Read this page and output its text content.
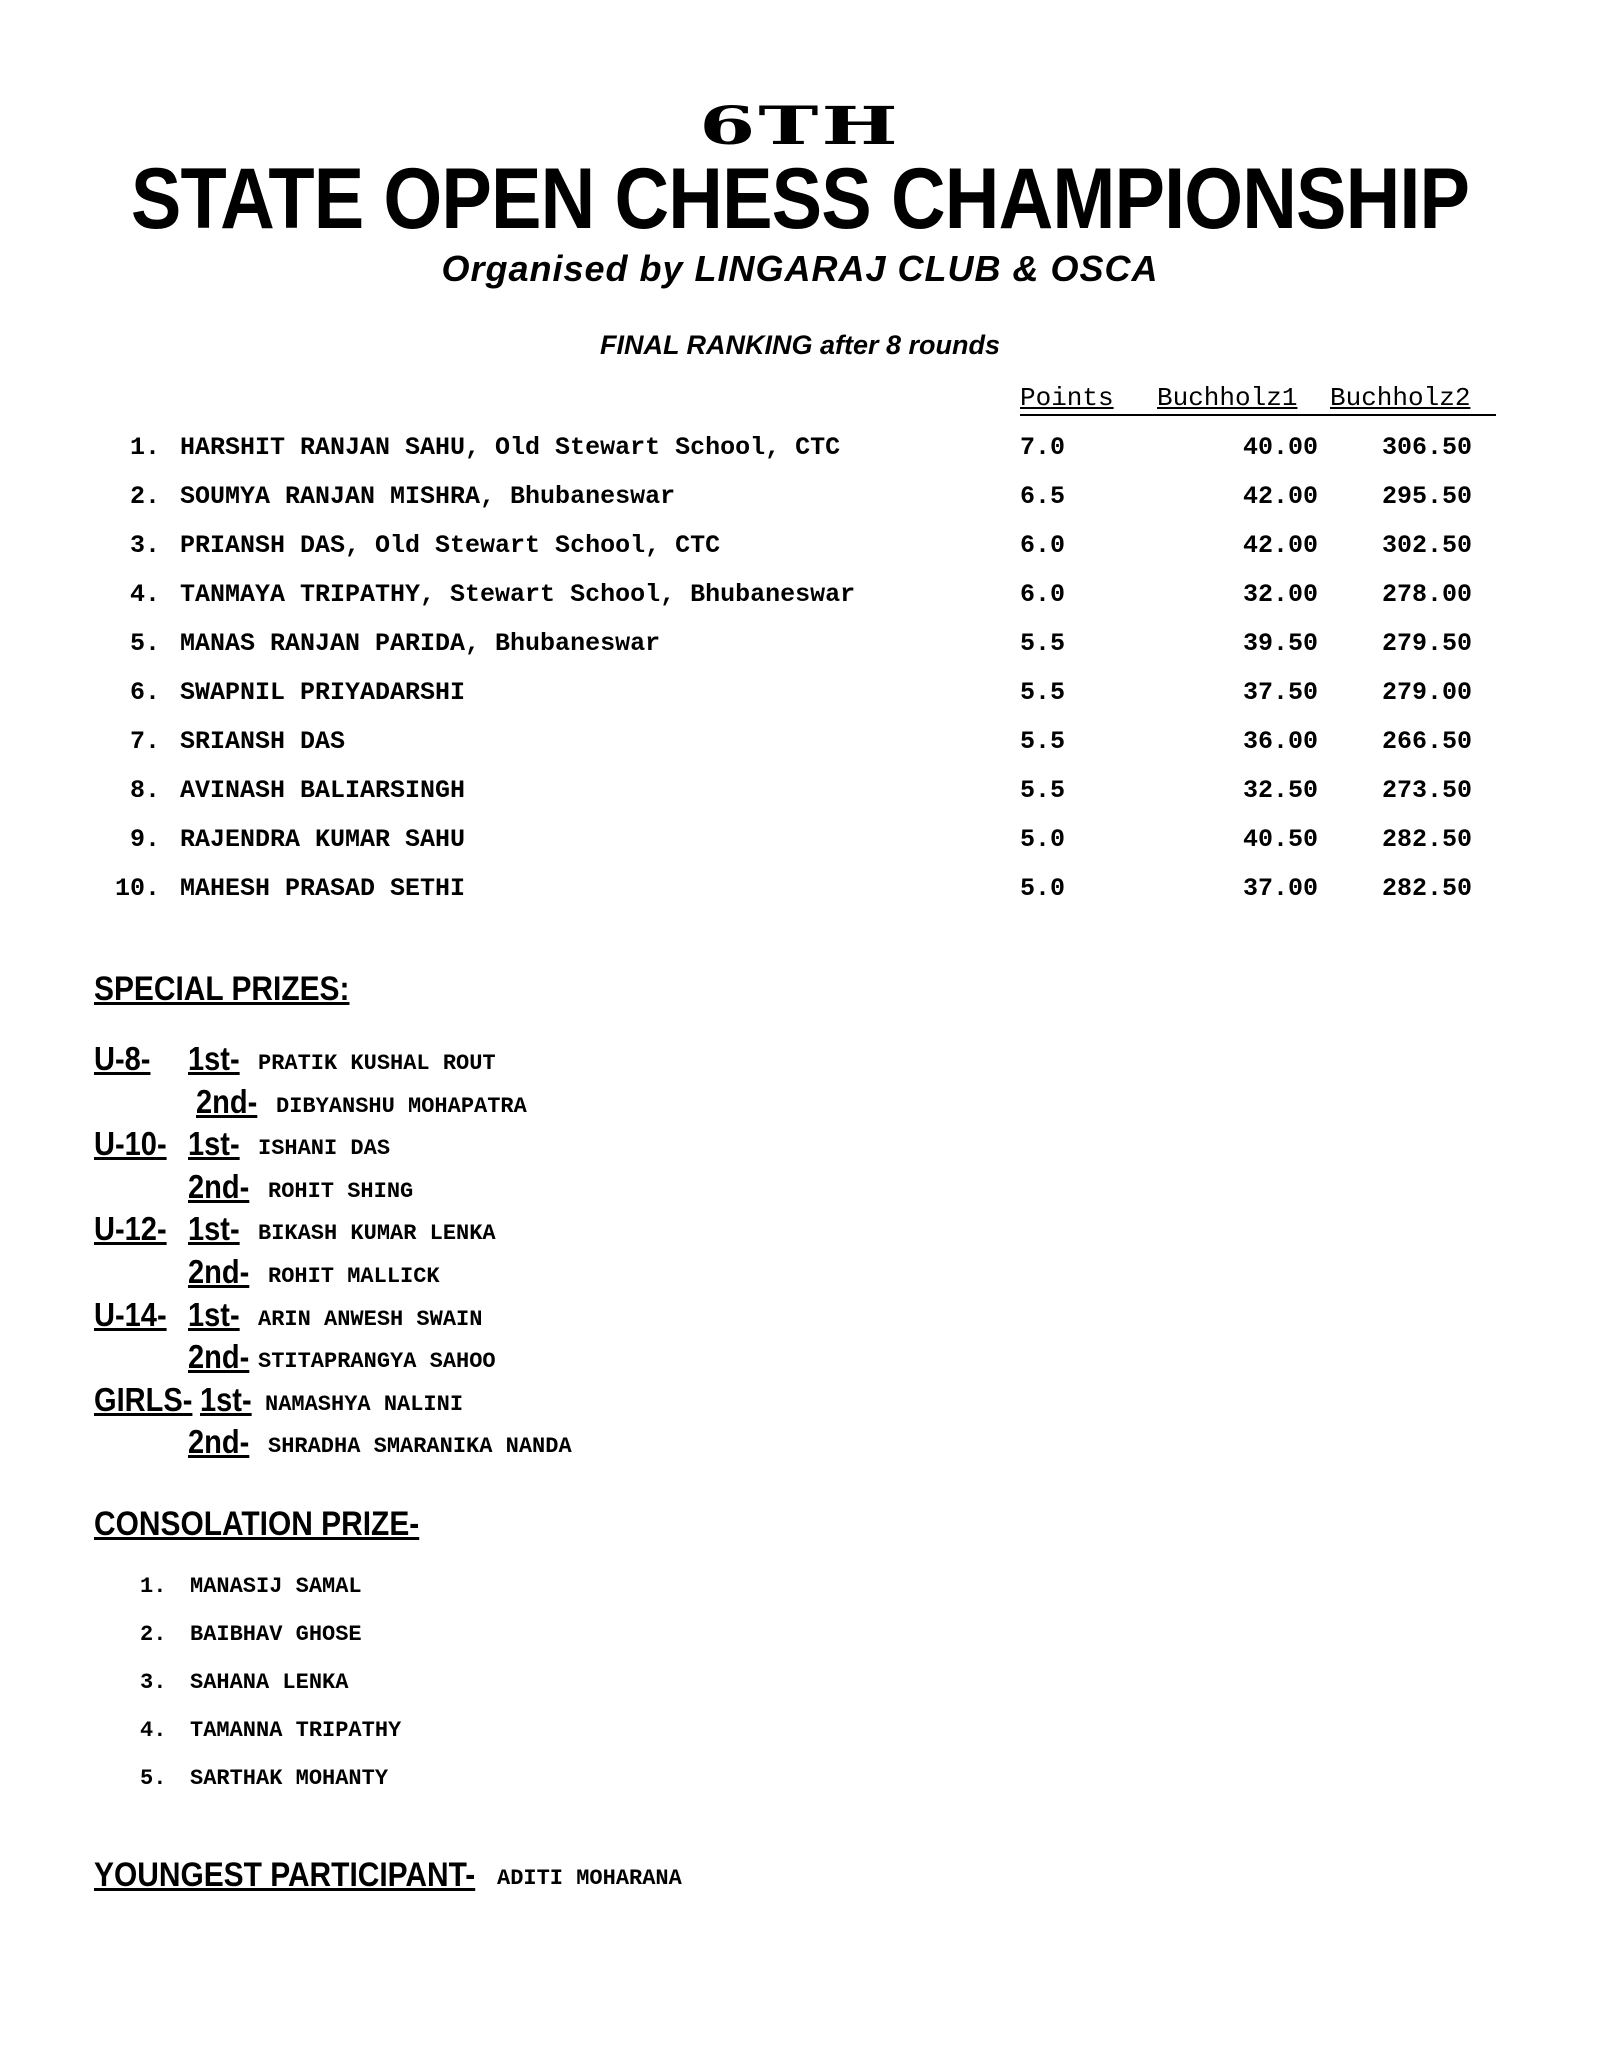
6TH
STATE OPEN CHESS CHAMPIONSHIP
Organised by LINGARAJ CLUB & OSCA
FINAL RANKING after 8 rounds
Points Buchholz1 Buchholz2
1. HARSHIT RANJAN SAHU, Old Stewart School, CTC	7.0	40.00	306.50
2. SOUMYA RANJAN MISHRA, Bhubaneswar	6.5	42.00	295.50
3. PRIANSH DAS, Old Stewart School, CTC	6.0	42.00	302.50
4. TANMAYA TRIPATHY, Stewart School, Bhubaneswar	6.0	32.00	278.00
5. MANAS RANJAN PARIDA, Bhubaneswar	5.5	39.50	279.50
6. SWAPNIL PRIYADARSHI	5.5	37.50	279.00
7. SRIANSH DAS	5.5	36.00	266.50
8. AVINASH BALIARSINGH	5.5	32.50	273.50
9. RAJENDRA KUMAR SAHU	5.0	40.50	282.50
10. MAHESH PRASAD SETHI	5.0	37.00	282.50
SPECIAL PRIZES:
U-8- 1st- PRATIK KUSHAL ROUT
2nd- DIBYANSHU MOHAPATRA
U-10- 1st- ISHANI DAS
2nd- ROHIT SHING
U-12- 1st- BIKASH KUMAR LENKA
2nd- ROHIT MALLICK
U-14- 1st- ARIN ANWESH SWAIN
2nd- STITAPRANGYA SAHOO
GIRLS- 1st- NAMASHYA NALINI
2nd- SHRADHA SMARANIKA NANDA
CONSOLATION PRIZE-
1. MANASIJ SAMAL
2. BAIBHAV GHOSE
3. SAHANA LENKA
4. TAMANNA TRIPATHY
5. SARTHAK MOHANTY
YOUNGEST PARTICIPANT- ADITI MOHARANA
